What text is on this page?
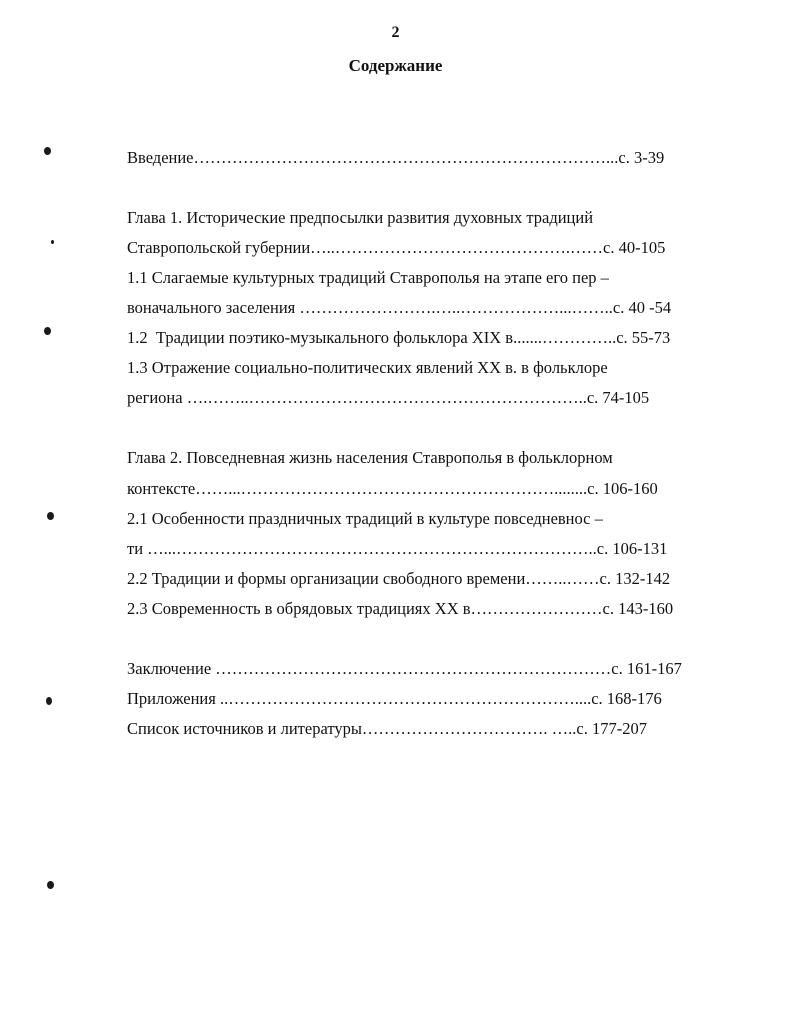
2
Содержание
Введение…………………………………………………………………...с. 3-39
Глава 1. Исторические предпосылки развития духовных традиций
Ставропольской губернии…..…………………………………….……с. 40-105
1.1 Слагаемые культурных традиций Ставрополья на этапе его пер –
воначального заселения …………………….…..………………...……..с. 40 -54
1.2  Традиции поэтико-музыкального фольклора XIX в.......…………..с. 55-73
1.3 Отражение социально-политических явлений XX в. в фольклоре
региона ….……..……………………………………………………..с. 74-105
Глава 2. Повседневная жизнь населения Ставрополья в фольклорном
контексте……...…………………………………………………........с. 106-160
2.1 Особенности праздничных традиций в культуре повседневнос –
ти …...…………………………………………………………………..с. 106-131
2.2 Традиции и формы организации свободного времени……..……с. 132-142
2.3 Современность в обрядовых традициях XX в……………………с. 143-160
Заключение ………………………………………………………………с. 161-167
Приложения ..………………………………………………………....с. 168-176
Список источников и литературы……………………………. …..с. 177-207
